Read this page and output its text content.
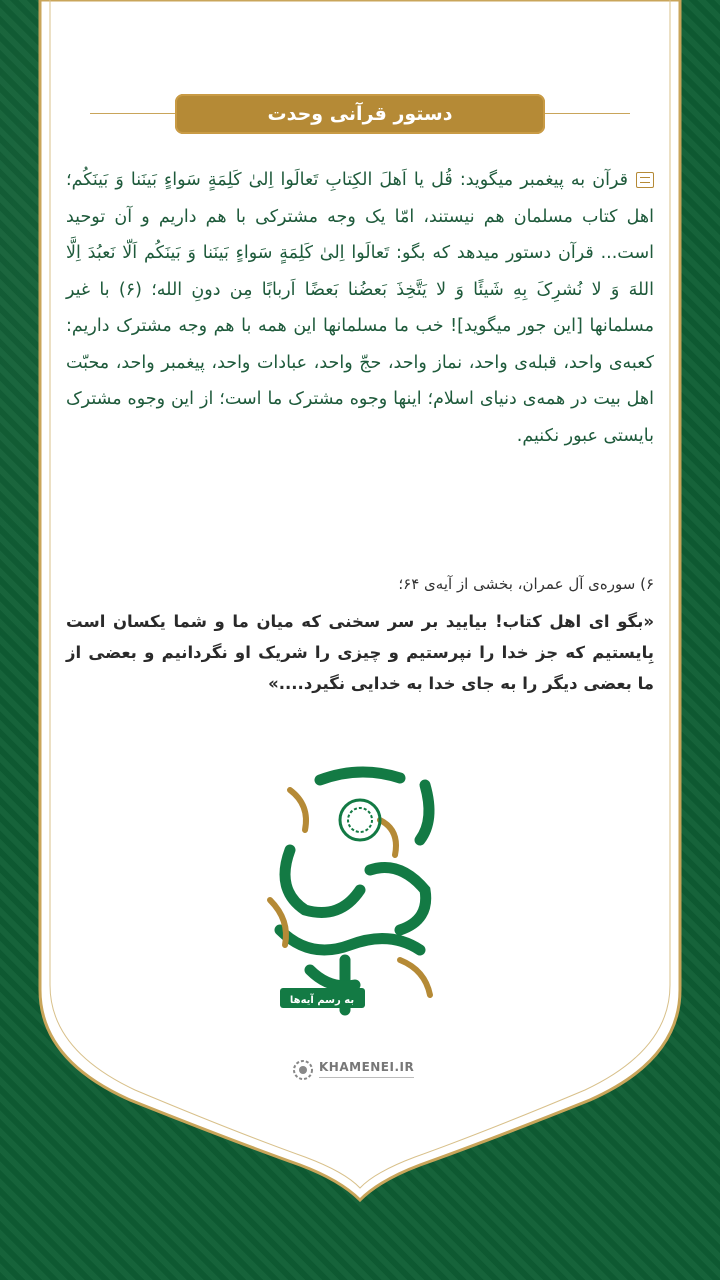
دستور قرآنی وحدت
قرآن به پیغمبر میگوید: قُل یا اَهلَ الکِتابِ تَعالَوا اِلیٰ کَلِمَةٍ سَواءٍ بَینَنا وَ بَینَکُم؛ اهل کتاب مسلمان هم نیستند، امّا یک وجه مشترکی با هم داریم و آن توحید است... قرآن دستور میدهد که بگو: تَعالَوا اِلیٰ کَلِمَةٍ سَواءٍ بَینَنا وَ بَینَکُم اَلّا نَعبُدَ اِلَّا اللهَ وَ لا نُشرِکَ بِهِ شَیئًا وَ لا یَتَّخِذَ بَعضُنا بَعضًا اَربابًا مِن دونِ الله؛ (۶) با غیر مسلمانها [این جور میگوید]! خب ما مسلمانها این همه با هم وجه مشترک داریم: کعبه‌ی واحد، قبله‌ی واحد، نماز واحد، حجّ واحد، عبادات واحد، پیغمبر واحد، محبّت اهل بیت در همه‌ی دنیای اسلام؛ اینها وجوه مشترک ما است؛ از این وجوه مشترک بایستی عبور نکنیم.
۶) سوره‌ی آل عمران، بخشی از آیه‌ی ۶۴؛
«بگو ای اهل کتاب! بیایید بر سر سخنی که میان ما و شما یکسان است بِایستیم که جز خدا را نپرستیم و چیزی را شریک او نگردانیم و بعضی از ما بعضی دیگر را به جای خدا به خدایی نگیرد....»
به رسم آیه‌ها
KHAMENEI.IR
